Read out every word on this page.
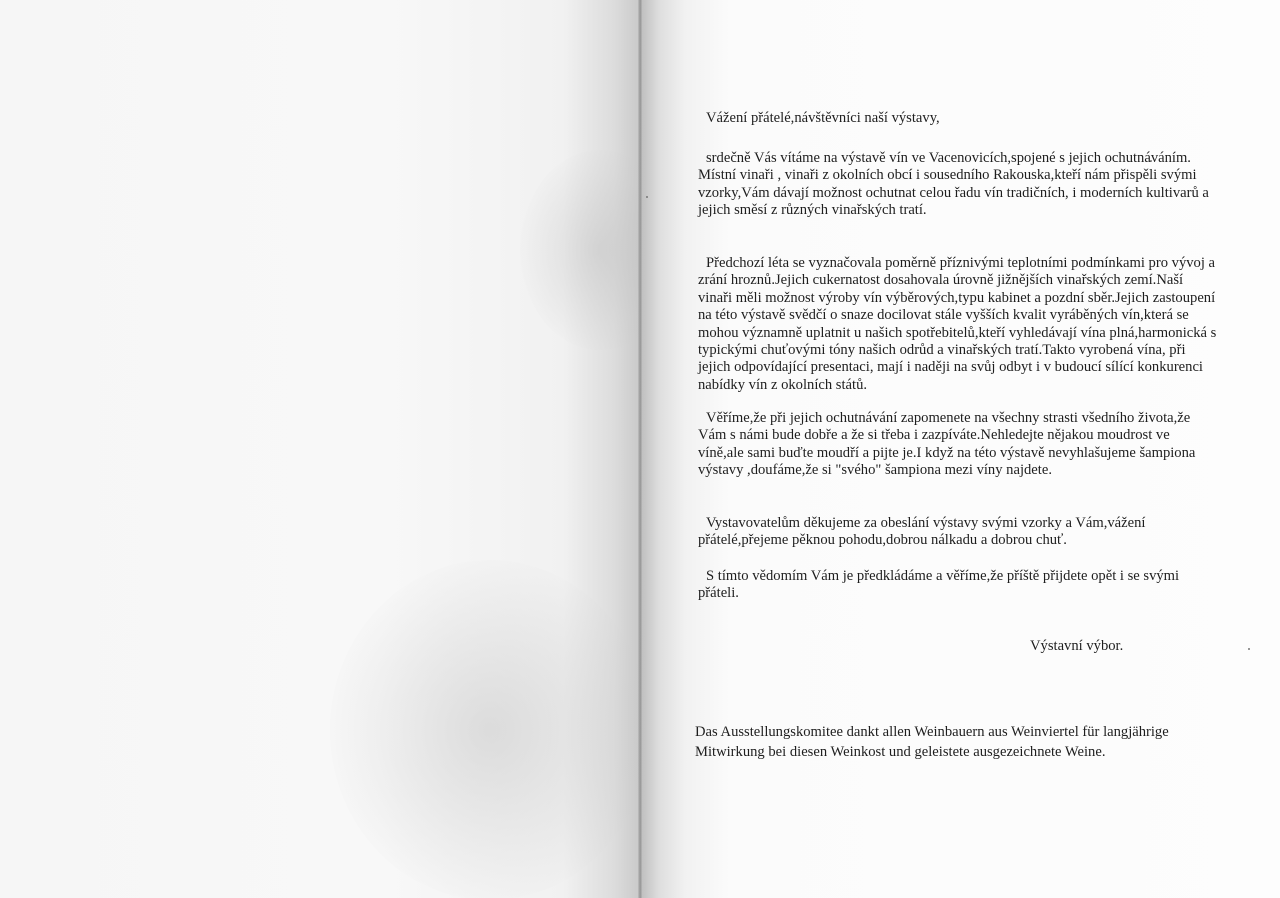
Vážení přátelé,návštěvníci naší výstavy,

srdečně Vás vítáme na výstavě vín ve Vacenovicích,spojené s jejich ochutnáváním.

Místní vinaři , vinaři z okolních obcí i sousedního Rakouska,kteří nám přispěli svými vzorky,Vám dávají možnost ochutnat celou řadu vín tradičních, i moderních kultivarů a jejich směsí z různých vinařských tratí.

Předchozí léta se vyznačovala poměrně příznivými teplotními podmínkami pro vývoj a zrání hroznů.Jejich cukernatost dosahovala úrovně jižnějších vinařských zemí.Naší vinaři měli možnost výroby vín výběrových,typu kabinet a pozdní sběr.Jejich zastoupení na této výstavě svědčí o snaze docilovat stále vyšších kvalit vyráběných vín,která se mohou významně uplatnit u našich spotřebitelů,kteří vyhledávají vína plná,harmonická s typickými chuťovými tóny našich odrůd a vinařských tratí.Takto vyrobená vína, při jejich odpovídající presentaci, mají i naději na svůj odbyt i v budoucí sílící konkurenci nabídky vín z okolních států.

Věříme,že při jejich ochutnávání zapomenete na všechny strasti všedního života,že Vám s námi bude dobře a že si třeba i zazpíváte.Nehledejte nějakou moudrost ve víně,ale sami buďte moudří a pijte je.I když na této výstavě nevyhlašujeme šampiona výstavy ,doufáme,že si "svého" šampiona mezi víny najdete.

Vystavovatelům děkujeme za obeslání výstavy svými vzorky a Vám,vážení přátelé,přejeme pěknou pohodu,dobrou nálkadu a dobrou chuť.

S tímto vědomím Vám je předkládáme a věříme,že příště přijdete opět i se svými přáteli.

Výstavní výbor.
Das Ausstellungskomitee dankt allen Weinbauern aus Weinviertel für langjährige Mitwirkung bei diesen Weinkost und geleistete ausgezeichnete Weine.
